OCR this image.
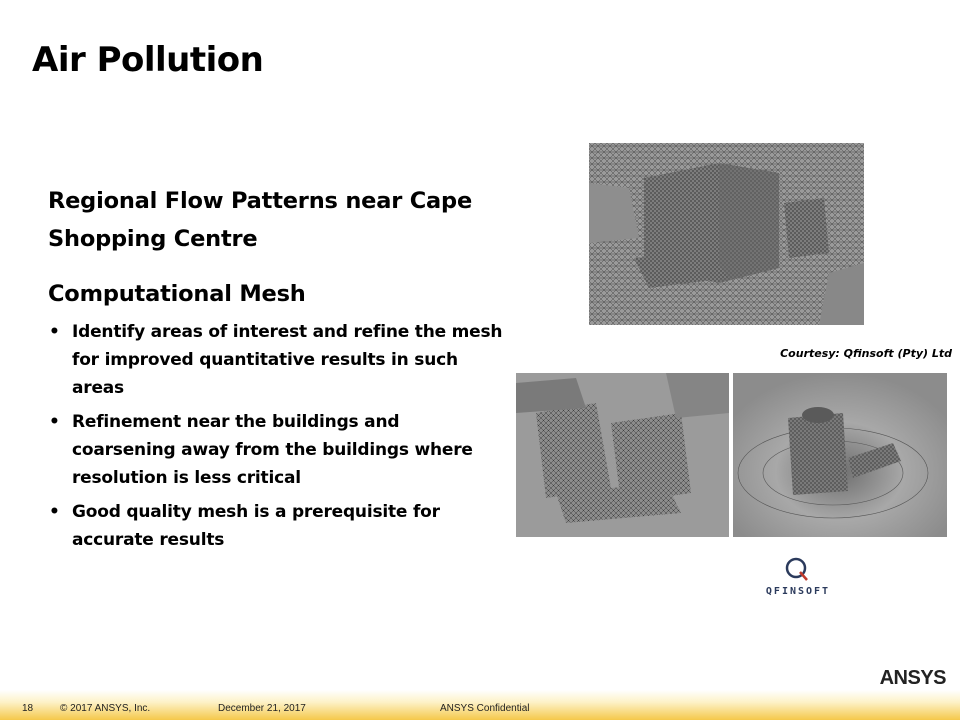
Air Pollution
Regional Flow Patterns near Cape Shopping Centre
Computational Mesh
• Identify areas of interest and refine the mesh for improved quantitative results in such areas
• Refinement near the buildings and coarsening away from the buildings where resolution is less critical
• Good quality mesh is a prerequisite for accurate results
Courtesy: Qfinsoft (Pty) Ltd
QFINSOFT
18	© 2017 ANSYS, Inc.	December 21, 2017	ANSYS Confidential
ANSYS
